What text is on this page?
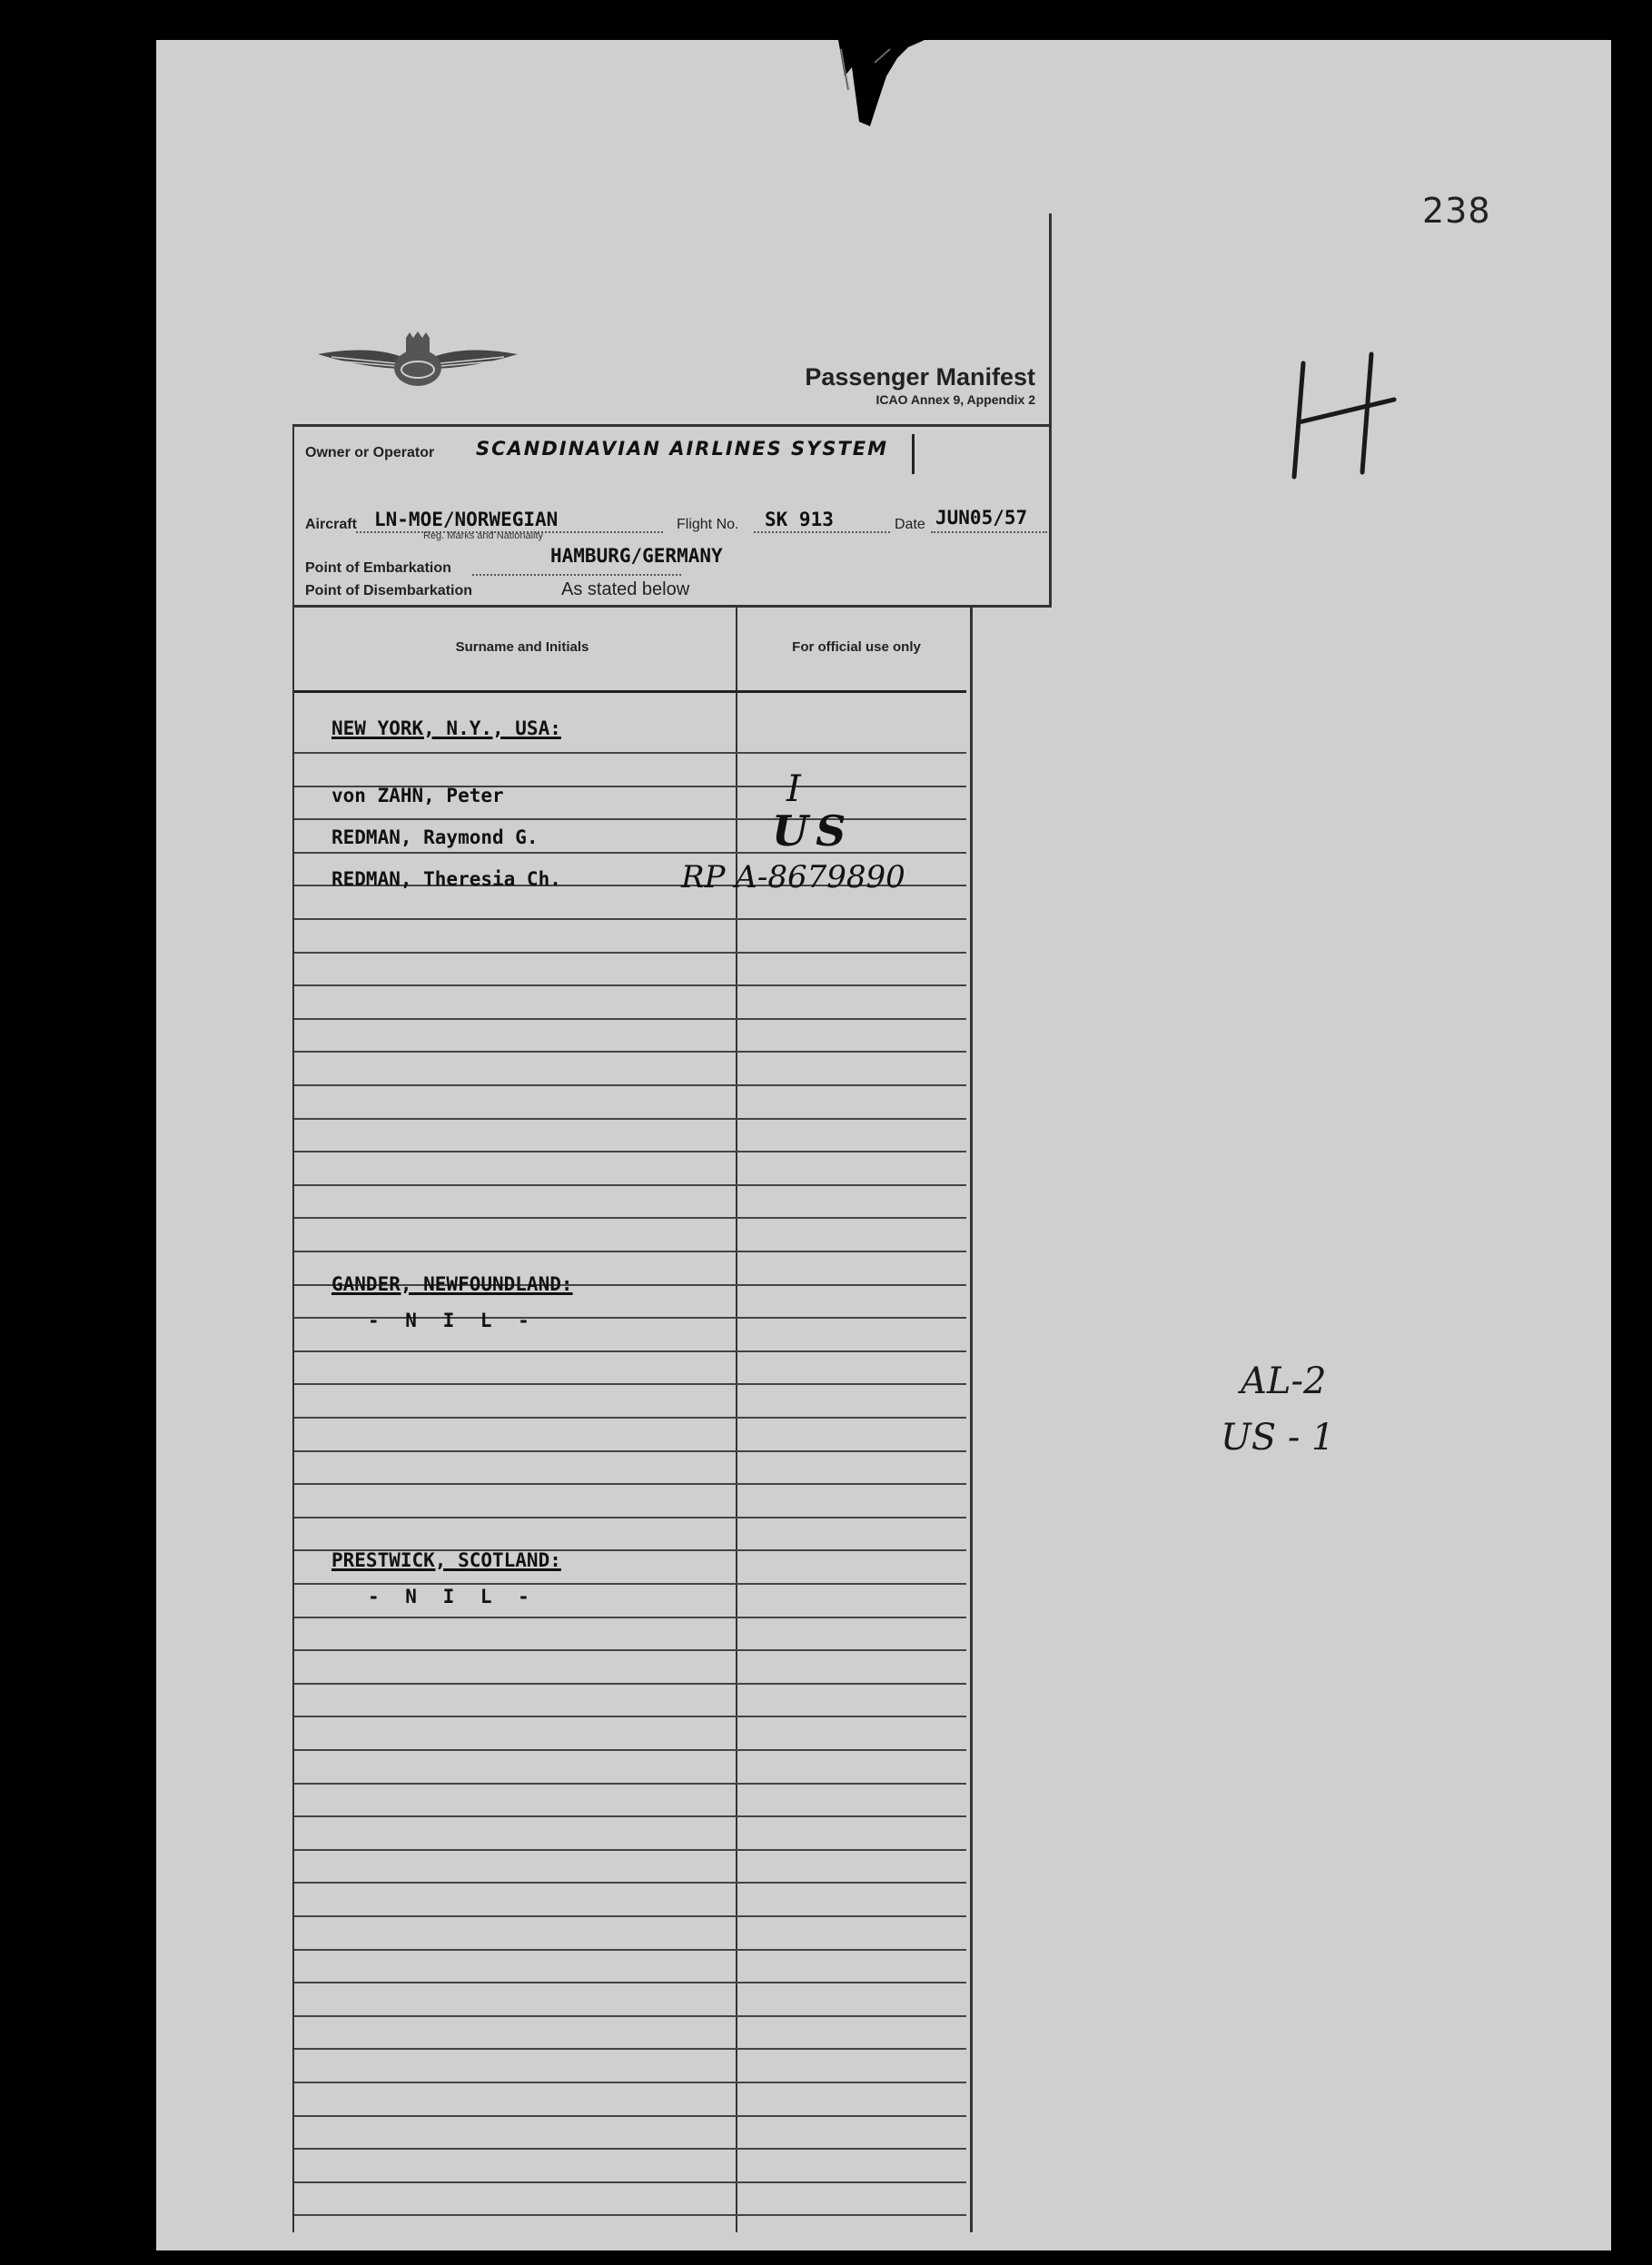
238
H
AL-2
US - 1
Passenger Manifest
ICAO Annex 9, Appendix 2
Owner or Operator SCANDINAVIAN AIRLINES SYSTEM
Aircraft LN-MOE/NORWEGIAN
Reg. Marks and Nationality
Flight No. SK 913	Date JUN05/57
Point of Embarkation
HAMBURG/GERMANY
Point of Disembarkation	As stated below
Surname and Initials	For official use only
NEW YORK, N.Y., USA:
von ZAHN, Peter	I
REDMAN, Raymond G.	US
REDMAN, Theresia Ch.	RP A-8679890
GANDER, NEWFOUNDLAND:
- N I L -
PRESTWICK, SCOTLAND:
- N I L -
